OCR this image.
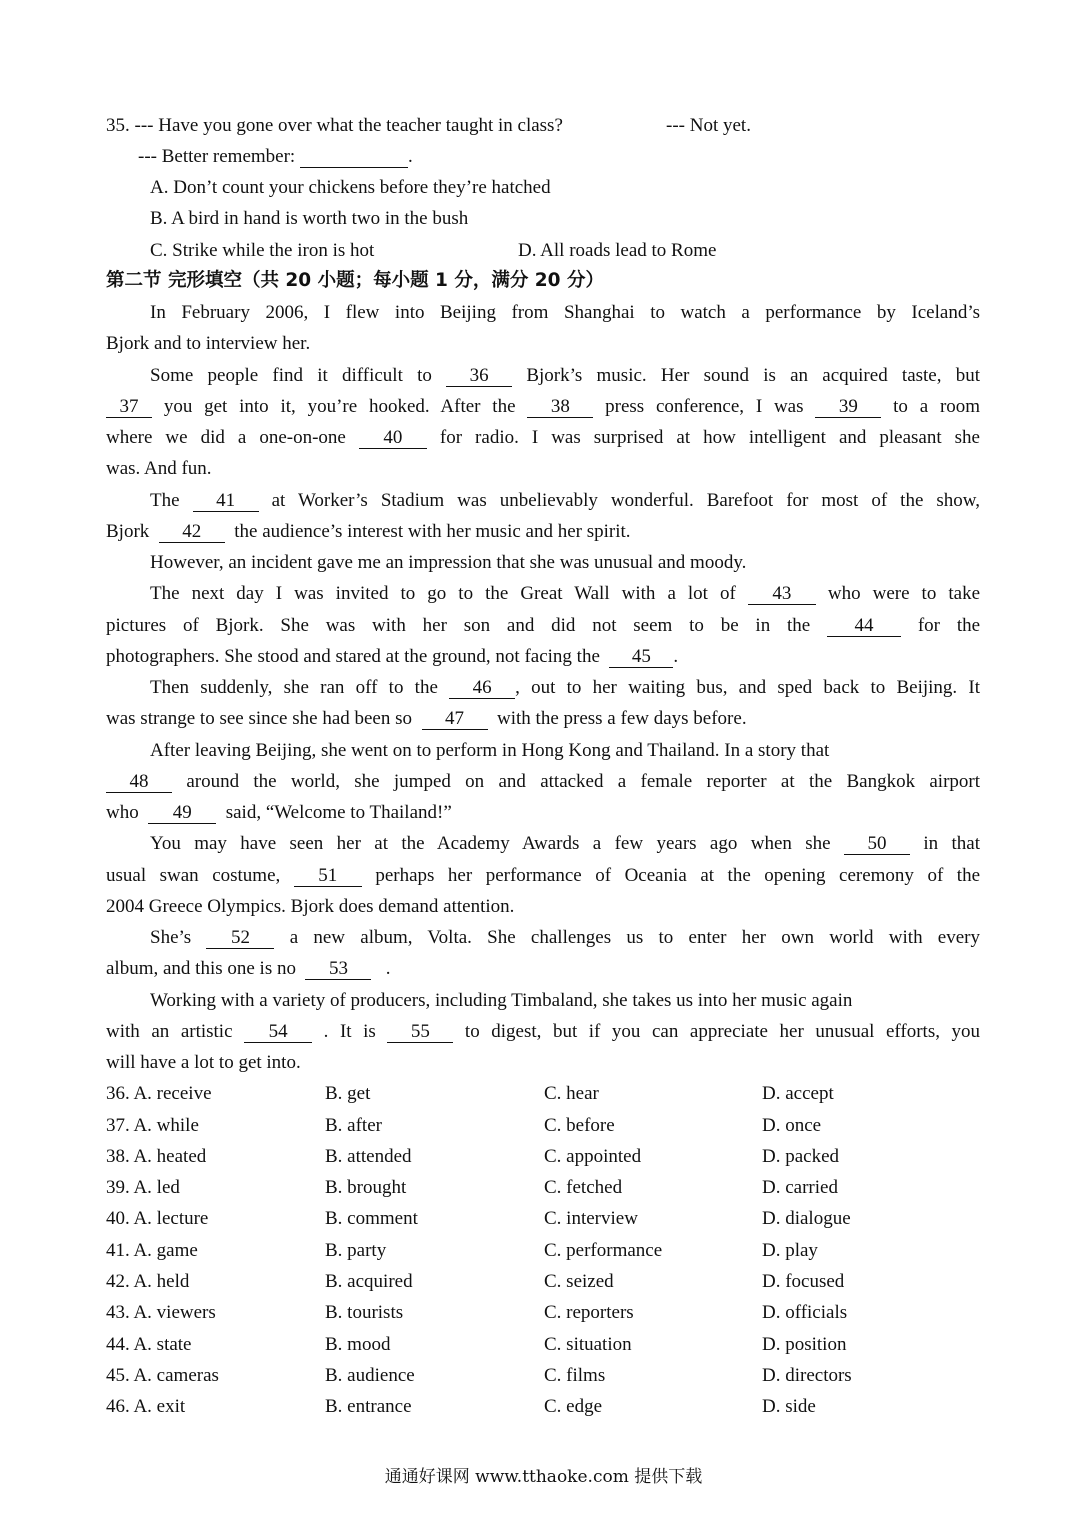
35. --- Have you gone over what the teacher taught in class?	--- Not yet.
--- Better remember:	.
A. Don’t count your chickens before they’re hatched
B. A bird in hand is worth two in the bush
C. Strike while the iron is hot	D. All roads lead to Rome
第二节 完形填空（共 20 小题；每小题 1 分，满分 20 分）
In February 2006, I flew into Beijing from Shanghai to watch a performance by Iceland’s
Bjork and to interview her.
Some people find it difficult to 36 Bjork’s music. Her sound is an acquired taste, but
37 you get into it, you’re hooked. After the 38 press conference, I was 39 to a room
where we did a one-on-one 40 for radio. I was surprised at how intelligent and pleasant she
was. And fun.
The 41 at Worker’s Stadium was unbelievably wonderful. Barefoot for most of the show,
Bjork 42 the audience’s interest with her music and her spirit.
However, an incident gave me an impression that she was unusual and moody.
The next day I was invited to go to the Great Wall with a lot of 43 who were to take
pictures of Bjork. She was with her son and did not seem to be in the 44 for the
photographers. She stood and stared at the ground, not facing the 45 .
Then suddenly, she ran off to the 46 , out to her waiting bus, and sped back to Beijing. It
was strange to see since she had been so 47 with the press a few days before.
After leaving Beijing, she went on to perform in Hong Kong and Thailand. In a story that
48 around the world, she jumped on and attacked a female reporter at the Bangkok airport
who 49 said, “Welcome to Thailand!”
You may have seen her at the Academy Awards a few years ago when she 50 in that
usual swan costume, 51 perhaps her performance of Oceania at the opening ceremony of the
2004 Greece Olympics. Bjork does demand attention.
She’s 52 a new album, Volta. She challenges us to enter her own world with every
album, and this one is no 53 .
Working with a variety of producers, including Timbaland, she takes us into her music again
with an artistic 54 . It is 55 to digest, but if you can appreciate her unusual efforts, you
will have a lot to get into.
36. A. receive	B. get	C. hear	D. accept
37. A. while	B. after	C. before	D. once
38. A. heated	B. attended	C. appointed	D. packed
39. A. led	B. brought	C. fetched	D. carried
40. A. lecture	B. comment	C. interview	D. dialogue
41. A. game	B. party	C. performance	D. play
42. A. held	B. acquired	C. seized	D. focused
43. A. viewers	B. tourists	C. reporters	D. officials
44. A. state	B. mood	C. situation	D. position
45. A. cameras	B. audience	C. films	D. directors
46. A. exit	B. entrance	C. edge	D. side
通通好课网 www.tthaoke.com 提供下载
